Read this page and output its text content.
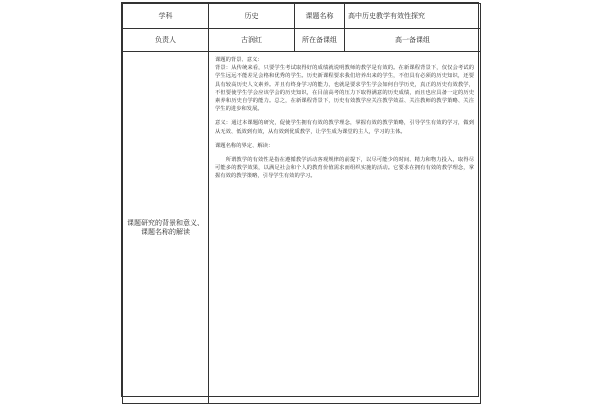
学科	历史	课题名称	高中历史教学有效性探究
负责人	古润红	所在备课组	高一备课组
课题研究的背景和意义、课题名称的解读	课题的背景、意义：

背景：从传统来看，只要学生考试取得好的成绩就说明教师的教学是有效的。在新课程背景下，仅仅会考试的学生远远不能差足会格和优秀的学生。历史新课程要求我们培养出来的学生，不但具有必须的历史知识，还要具有较高历史人文素养。并且有终身学习的能力，也就是要求学生学会如何自学历史，真正的历史有效教学，不但要使学生学会应该学会的历史知识，在目前高考的压力下取得满意的历史成绩，而且也应具备一定的历史素养和历史自学的能力。总之，在新课程背景下，历史有效教学应关注教学效益、关注教师的教学策略、关注学生的进步和发展。

意义：通过本课题的研究，促使学生拥有有效的教学理念，掌握有效的教学策略，引导学生有效的学习，做到从无效、低效到有效，从有效到优质教学，让学生成为课堂的主人，学习的主体。

课题名称的界定、解读：

所谓教学的有效性是指在遵循教学活动客观规律的前提下，以尽可能少的时间、精力和物力投入，取得尽可能多的教学效果，以满足社会和个人的教育价值需求而组织实施的活动。它要求在拥有有效的教学理念，掌握有效的教学策略，引导学生有效的学习。		
